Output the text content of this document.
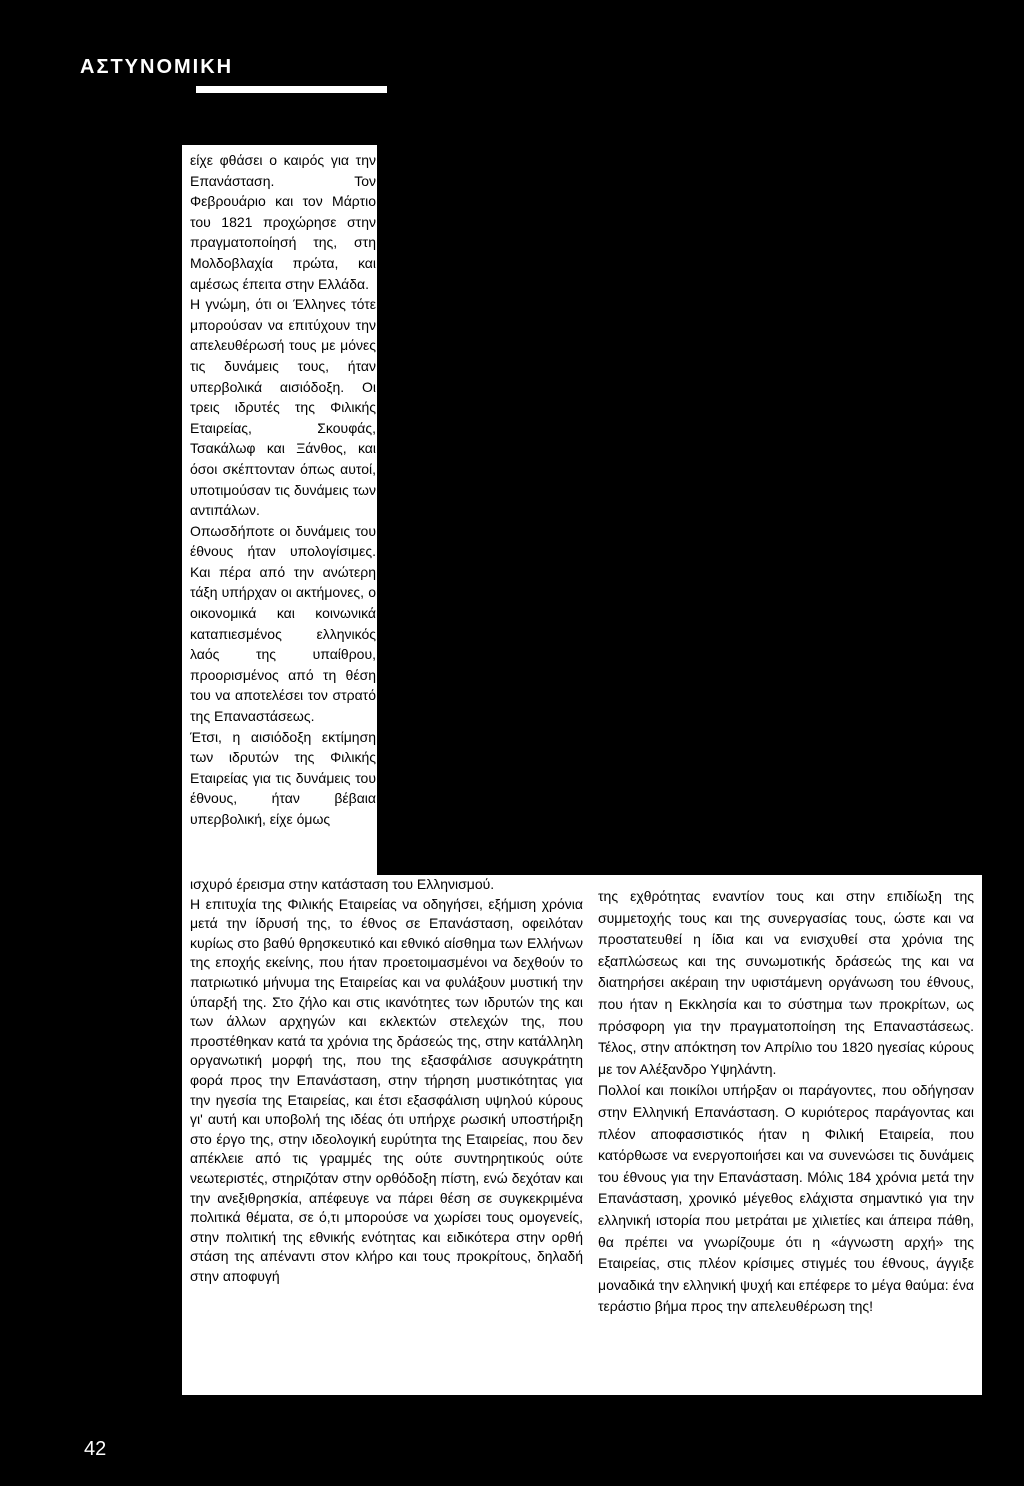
ΑΣΤΥΝΟΜΙΚΗ

είχε φθάσει ο καιρός για την Επανάσταση. Τον Φεβρουάριο και τον Μάρτιο του 1821 προχώρησε στην πραγματοποίησή της, στη Μολδοβλαχία πρώτα, και αμέσως έπειτα στην Ελλάδα.

Η γνώμη, ότι οι Έλληνες τότε μπορούσαν να επιτύχουν την απελευθέρωσή τους με μόνες τις δυνάμεις τους, ήταν υπερβολικά αισιόδοξη. Οι τρεις ιδρυτές της Φιλικής Εταιρείας, Σκουφάς, Τσακάλωφ και Ξάνθος, και όσοι σκέπτονταν όπως αυτοί, υποτιμούσαν τις δυνάμεις των αντιπάλων.

Οπωσδήποτε οι δυνάμεις του έθνους ήταν υπολογίσιμες. Και πέρα από την ανώτερη τάξη υπήρχαν οι ακτήμονες, ο οικονομικά και κοινωνικά καταπιεσμένος ελληνικός λαός της υπαίθρου, προορισμένος από τη θέση του να αποτελέσει τον στρατό της Επαναστάσεως.

Έτσι, η αισιόδοξη εκτίμηση των ιδρυτών της Φιλικής Εταιρείας για τις δυνάμεις του έθνους, ήταν βέβαια υπερβολική, είχε όμως

ισχυρό έρεισμα στην κατάσταση του Ελληνισμού.

Η επιτυχία της Φιλικής Εταιρείας να οδηγήσει, εξήμιση χρόνια μετά την ίδρυσή της, το έθνος σε Επανάσταση, οφειλόταν κυρίως στο βαθύ θρησκευτικό και εθνικό αίσθημα των Ελλήνων της εποχής εκείνης, που ήταν προετοιμασμένοι να δεχθούν το πατριωτικό μήνυμα της Εταιρείας και να φυλάξουν μυστική την ύπαρξή της. Στο ζήλο και στις ικανότητες των ιδρυτών της και των άλλων αρχηγών και εκλεκτών στελεχών της, που προστέθηκαν κατά τα χρόνια της δράσεώς της, στην κατάλληλη οργανωτική μορφή της, που της εξασφάλισε ασυγκράτητη φορά προς την Επανάσταση, στην τήρηση μυστικότητας για την ηγεσία της Εταιρείας, και έτσι εξασφάλιση υψηλού κύρους γι' αυτή και υποβολή της ιδέας ότι υπήρχε ρωσική υποστήριξη στο έργο της, στην ιδεολογική ευρύτητα της Εταιρείας, που δεν απέκλειε από τις γραμμές της ούτε συντηρητικούς ούτε νεωτεριστές, στηριζόταν στην ορθόδοξη πίστη, ενώ δεχόταν και την ανεξιθρησκία, απέφευγε να πάρει θέση σε συγκεκριμένα πολιτικά θέματα, σε ό,τι μπορούσε να χωρίσει τους ομογενείς, στην πολιτική της εθνικής ενότητας και ειδικότερα στην ορθή στάση της απέναντι στον κλήρο και τους προκρίτους, δηλαδή στην αποφυγή

της εχθρότητας εναντίον τους και στην επιδίωξη της συμμετοχής τους και της συνεργασίας τους, ώστε και να προστατευθεί η ίδια και να ενισχυθεί στα χρόνια της εξαπλώσεως και της συνωμοτικής δράσεώς της και να διατηρήσει ακέραιη την υφιστάμενη οργάνωση του έθνους, που ήταν η Εκκλησία και το σύστημα των προκρίτων, ως πρόσφορη για την πραγματοποίηση της Επαναστάσεως. Τέλος, στην απόκτηση τον Απρίλιο του 1820 ηγεσίας κύρους με τον Αλέξανδρο Υψηλάντη.

Πολλοί και ποικίλοι υπήρξαν οι παράγοντες, που οδήγησαν στην Ελληνική Επανάσταση. Ο κυριότερος παράγοντας και πλέον αποφασιστικός ήταν η Φιλική Εταιρεία, που κατόρθωσε να ενεργοποιήσει και να συνενώσει τις δυνάμεις του έθνους για την Επανάσταση. Μόλις 184 χρόνια μετά την Επανάσταση, χρονικό μέγεθος ελάχιστα σημαντικό για την ελληνική ιστορία που μετράται με χιλιετίες και άπειρα πάθη, θα πρέπει να γνωρίζουμε ότι η «άγνωστη αρχή» της Εταιρείας, στις πλέον κρίσιμες στιγμές του έθνους, άγγιξε μοναδικά την ελληνική ψυχή και επέφερε το μέγα θαύμα: ένα τεράστιο βήμα προς την απελευθέρωση της!	Επιμέλεια: Ανθ/μος Κ. Καίρος
42
